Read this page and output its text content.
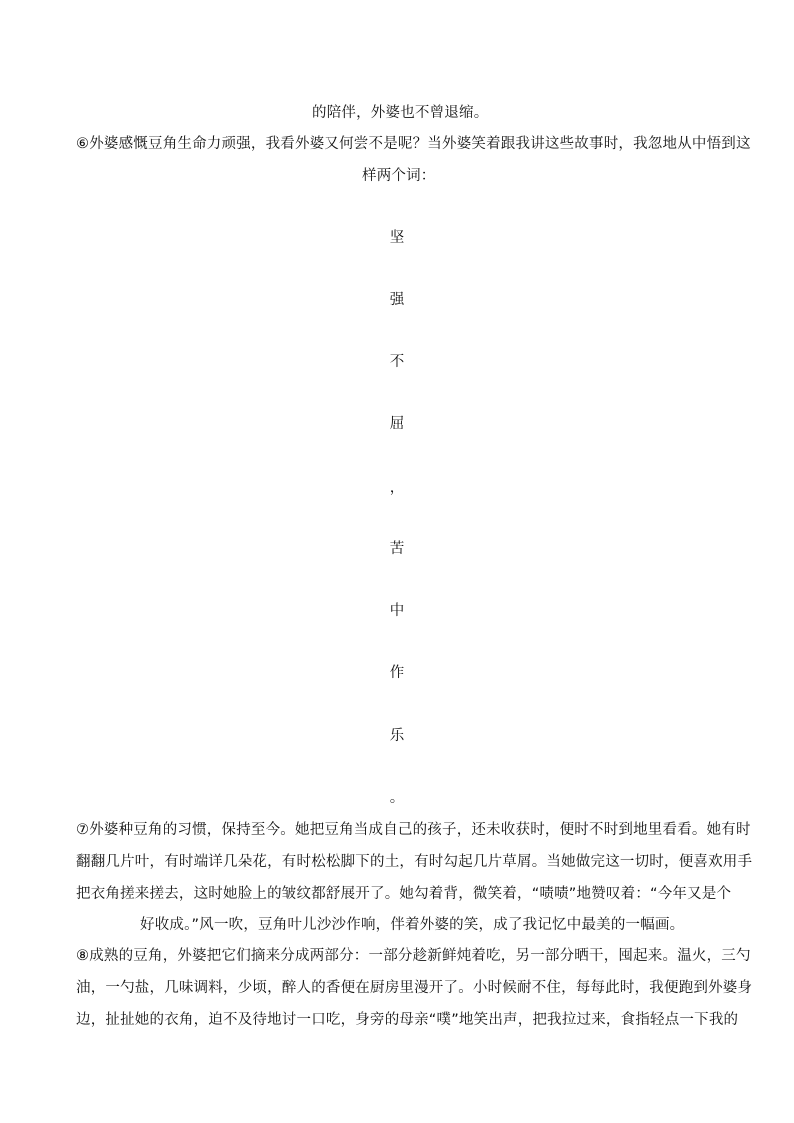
的陪伴，外婆也不曾退缩。
⑥外婆感慨豆角生命力顽强，我看外婆又何尝不是呢？当外婆笑着跟我讲这些故事时，我忽地从中悟到这
样两个词：
坚
强
不
屈
，
苦
中
作
乐
。
⑦外婆种豆角的习惯，保持至今。她把豆角当成自己的孩子，还未收获时，便时不时到地里看看。她有时
翻翻几片叶，有时端详几朵花，有时松松脚下的土，有时勾起几片草屑。当她做完这一切时，便喜欢用手
把衣角搓来搓去，这时她脸上的皱纹都舒展开了。她勾着背，微笑着，“啧啧”地赞叹着：“今年又是个
好收成。”风一吹，豆角叶儿沙沙作响，伴着外婆的笑，成了我记忆中最美的一幅画。
⑧成熟的豆角，外婆把它们摘来分成两部分：一部分趁新鲜炖着吃，另一部分晒干，囤起来。温火，三勺
油，一勺盐，几味调料，少顷，醉人的香便在厨房里漫开了。小时候耐不住，每每此时，我便跑到外婆身
边，扯扯她的衣角，迫不及待地讨一口吃，身旁的母亲“噗”地笑出声，把我拉过来，食指轻点一下我的
